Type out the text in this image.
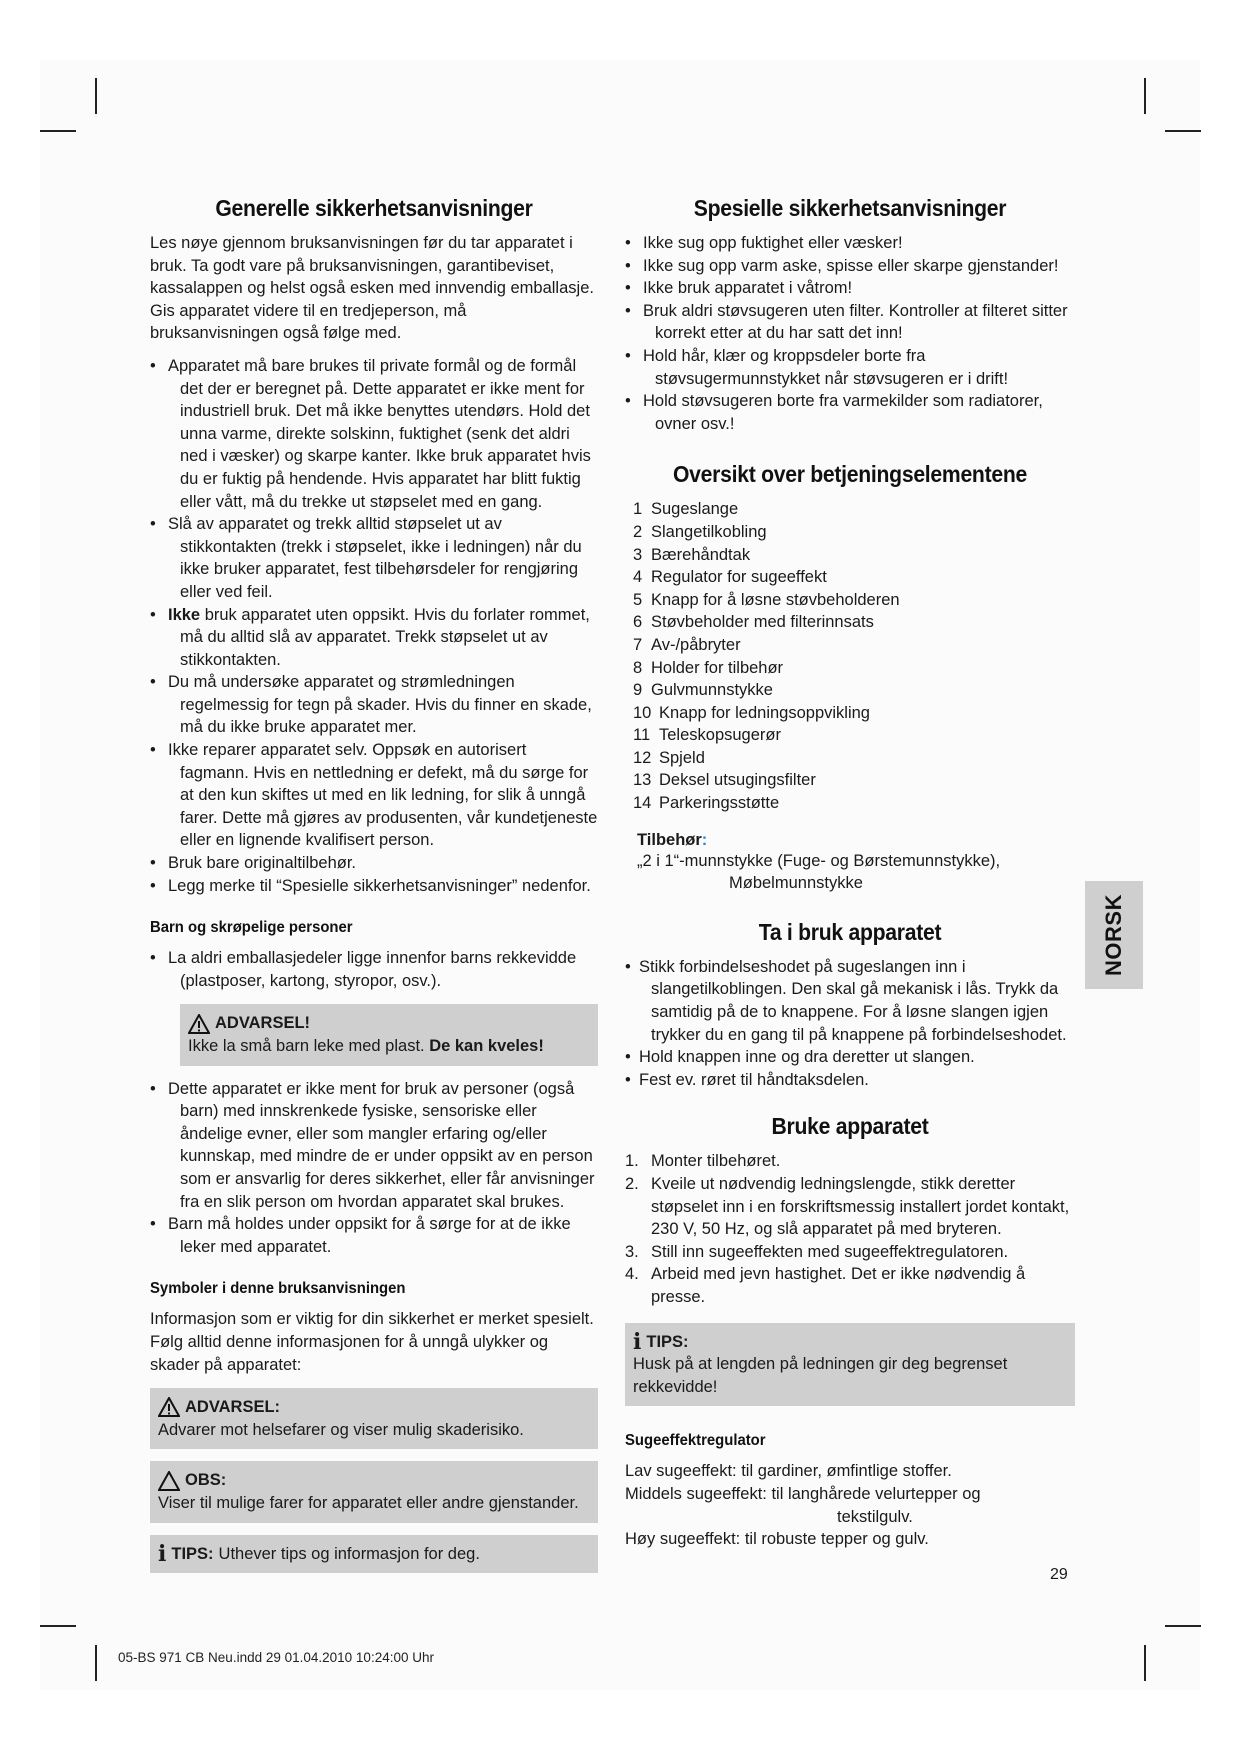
Generelle sikkerhetsanvisninger

Les nøye gjennom bruksanvisningen før du tar apparatet i bruk. Ta godt vare på bruksanvisningen, garantibeviset, kassalappen og helst også esken med innvendig emballasje. Gis apparatet videre til en tredjeperson, må bruksanvisningen også følge med.

• Apparatet må bare brukes til private formål og de formål det der er beregnet på. Dette apparatet er ikke ment for industriell bruk. Det må ikke benyttes utendørs. Hold det unna varme, direkte solskinn, fuktighet (senk det aldri ned i væsker) og skarpe kanter. Ikke bruk apparatet hvis du er fuktig på hendende. Hvis apparatet har blitt fuktig eller vått, må du trekke ut støpselet med en gang.
• Slå av apparatet og trekk alltid støpselet ut av stikkontakten (trekk i støpselet, ikke i ledningen) når du ikke bruker apparatet, fest tilbehørsdeler for rengjøring eller ved feil.
• Ikke bruk apparatet uten oppsikt. Hvis du forlater rommet, må du alltid slå av apparatet. Trekk støpselet ut av stikkontakten.
• Du må undersøke apparatet og strømledningen regelmessig for tegn på skader. Hvis du finner en skade, må du ikke bruke apparatet mer.
• Ikke reparer apparatet selv. Oppsøk en autorisert fagmann. Hvis en nettledning er defekt, må du sørge for at den kun skiftes ut med en lik ledning, for slik å unngå farer. Dette må gjøres av produsenten, vår kundetjeneste eller en lignende kvalifisert person.
• Bruk bare originaltilbehør.
• Legg merke til “Spesielle sikkerhetsanvisninger” nedenfor.
Barn og skrøpelige personer
• La aldri emballasjedeler ligge innenfor barns rekkevidde (plastposer, kartong, styropor, osv.).
ADVARSEL!
Ikke la små barn leke med plast. De kan kveles!
• Dette apparatet er ikke ment for bruk av personer (også barn) med innskrenkede fysiske, sensoriske eller åndelige evner, eller som mangler erfaring og/eller kunnskap, med mindre de er under oppsikt av en person som er ansvarlig for deres sikkerhet, eller får anvisninger fra en slik person om hvordan apparatet skal brukes.
• Barn må holdes under oppsikt for å sørge for at de ikke leker med apparatet.
Symboler i denne bruksanvisningen

Informasjon som er viktig for din sikkerhet er merket spesielt. Følg alltid denne informasjonen for å unngå ulykker og skader på apparatet:

ADVARSEL:
Advarer mot helsefarer og viser mulig skaderisiko.
OBS:
Viser til mulige farer for apparatet eller andre gjenstander.
i TIPS: Uthever tips og informasjon for deg.
Spesielle sikkerhetsanvisninger
• Ikke sug opp fuktighet eller væsker!
• Ikke sug opp varm aske, spisse eller skarpe gjenstander!
• Ikke bruk apparatet i våtrom!
• Bruk aldri støvsugeren uten filter. Kontroller at filteret sitter korrekt etter at du har satt det inn!
• Hold hår, klær og kroppsdeler borte fra støvsugermunnstykket når støvsugeren er i drift!
• Hold støvsugeren borte fra varmekilder som radiatorer, ovner osv.!
Oversikt over betjeningselementene
1 Sugeslange
2 Slangetilkobling
3 Bærehåndtak
4 Regulator for sugeeffekt
5 Knapp for å løsne støvbeholderen
6 Støvbeholder med filterinnsats
7 Av-/påbryter
8 Holder for tilbehør
9 Gulvmunnstykke
10 Knapp for ledningsoppvikling
11 Teleskopsugerør
12 Spjeld
13 Deksel utsugingsfilter
14 Parkeringsstøtte
Tilbehør:
„2 i 1“-munnstykke (Fuge- og Børstemunnstykke),
Møbelmunnstykke
Ta i bruk apparatet
• Stikk forbindelseshodet på sugeslangen inn i slangetilkoblingen. Den skal gå mekanisk i lås. Trykk da samtidig på de to knappene. For å løsne slangen igjen trykker du en gang til på knappene på forbindelseshodet.
• Hold knappen inne og dra deretter ut slangen.
• Fest ev. røret til håndtaksdelen.
Bruke apparatet
1. Monter tilbehøret.
2. Kveile ut nødvendig ledningslengde, stikk deretter støpselet inn i en forskriftsmessig installert jordet kontakt, 230 V, 50 Hz, og slå apparatet på med bryteren.
3. Still inn sugeeffekten med sugeeffektregulatoren.
4. Arbeid med jevn hastighet. Det er ikke nødvendig å presse.
i TIPS:
Husk på at lengden på ledningen gir deg begrenset rekkevidde!
Sugeeffektregulator
Lav sugeeffekt: til gardiner, ømfintlige stoffer.
Middels sugeeffekt: til langhårede velurtepper og
tekstilgulv.
Høy sugeeffekt: til robuste tepper og gulv.
NORSK
29
05-BS 971 CB Neu.indd 29 01.04.2010 10:24:00 Uhr
